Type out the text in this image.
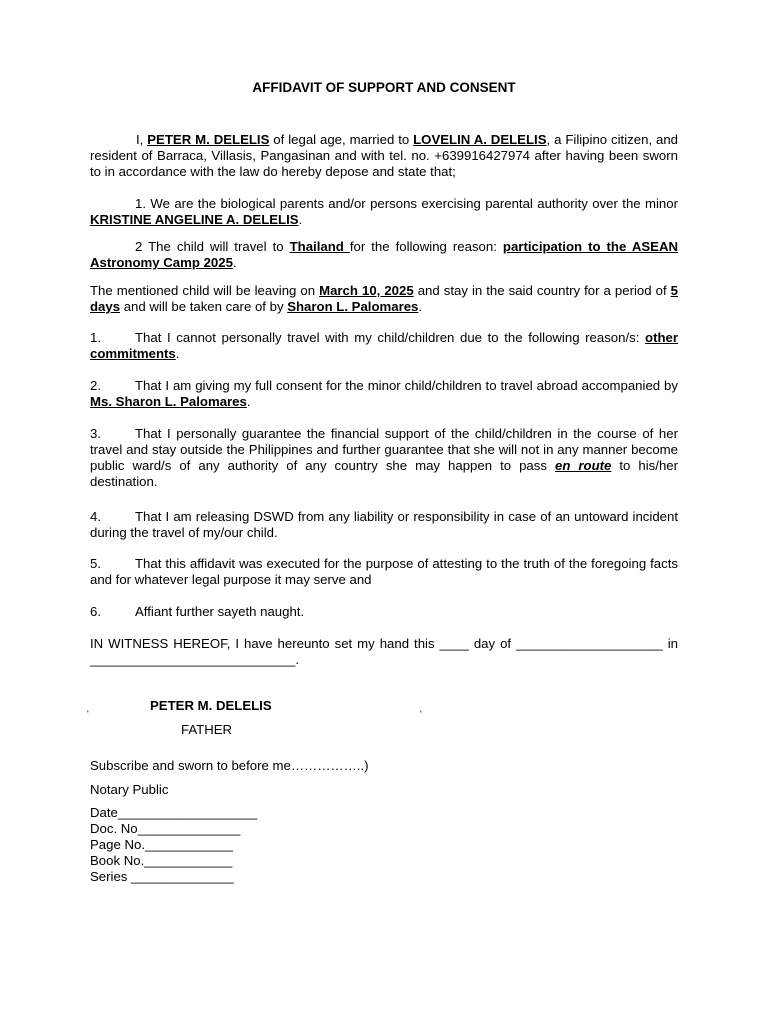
AFFIDAVIT OF SUPPORT AND CONSENT

I, PETER M. DELELIS of legal age, married to LOVELIN A. DELELIS, a Filipino citizen, and resident of Barraca, Villasis, Pangasinan and with tel. no. +639916427974 after having been sworn to in accordance with the law do hereby depose and state that;

1. We are the biological parents and/or persons exercising parental authority over the minor KRISTINE ANGELINE A. DELELIS.

2 The child will travel to Thailand for the following reason: participation to the ASEAN Astronomy Camp 2025.

The mentioned child will be leaving on March 10, 2025 and stay in the said country for a period of 5 days and will be taken care of by Sharon L. Palomares.

1.	That I cannot personally travel with my child/children due to the following reason/s: other commitments.

2.	That I am giving my full consent for the minor child/children to travel abroad accompanied by Ms. Sharon L. Palomares.

3.	That I personally guarantee the financial support of the child/children in the course of her travel and stay outside the Philippines and further guarantee that she will not in any manner become public ward/s of any authority of any country she may happen to pass en route to his/her destination.

4.	That I am releasing DSWD from any liability or responsibility in case of an untoward incident during the travel of my/our child.

5.	That this affidavit was executed for the purpose of attesting to the truth of the foregoing facts and for whatever legal purpose it may serve and

6.	Affiant further sayeth naught.

IN WITNESS HEREOF, I have hereunto set my hand this ____ day of ____________________ in ____________________________.

PETER M. DELELIS
'	'
FATHER
Subscribe and sworn to before me……………..)
Notary Public
Date___________________
Doc. No______________
Page No.____________
Book No.____________
Series ______________
